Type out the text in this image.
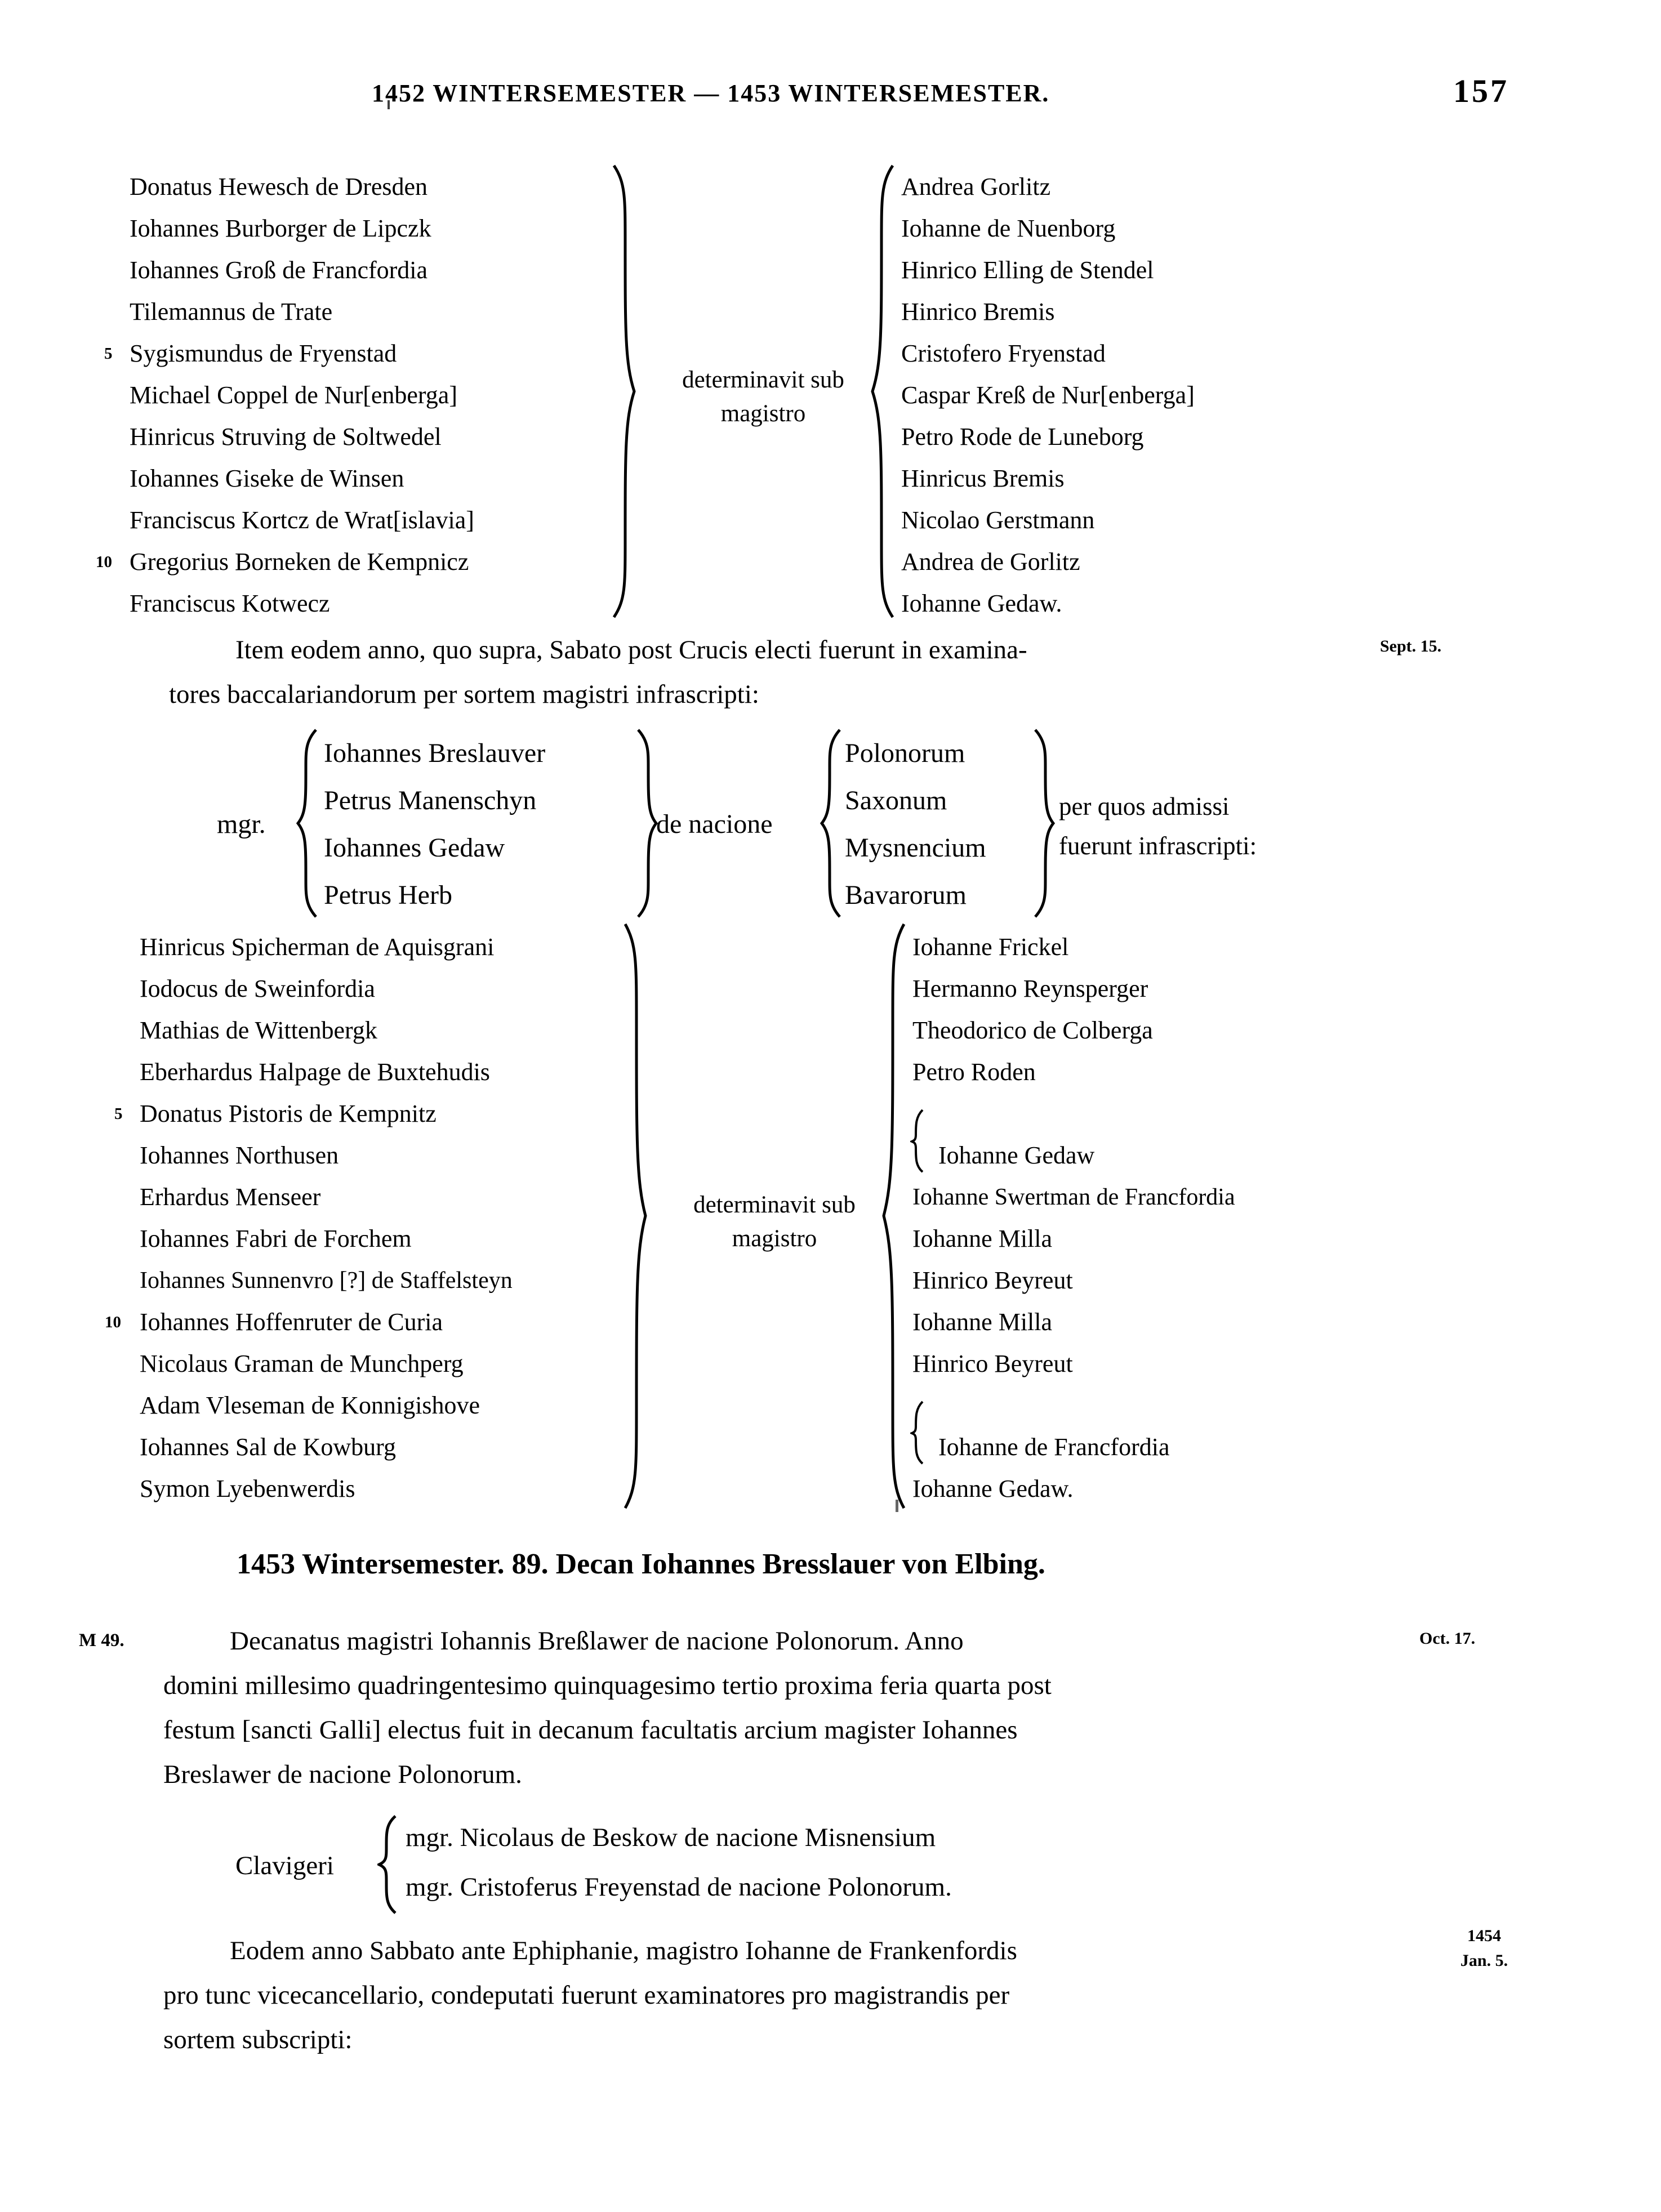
1452 WINTERSEMESTER — 1453 WINTERSEMESTER.	157
5
10
Donatus Hewesch de Dresden
Iohannes Burborger de Lipczk
Iohannes Groß de Francfordia
Tilemannus de Trate
Sygismundus de Fryenstad
Michael Coppel de Nur[enberga]
Hinricus Struving de Soltwedel
Iohannes Giseke de Winsen
Franciscus Kortcz de Wrat[islavia]
Gregorius Borneken de Kempnicz
Franciscus Kotwecz
determinavit sub
magistro
Andrea Gorlitz
Iohanne de Nuenborg
Hinrico Elling de Stendel
Hinrico Bremis
Cristofero Fryenstad
Caspar Kreß de Nur[enberga]
Petro Rode de Luneborg
Hinricus Bremis
Nicolao Gerstmann
Andrea de Gorlitz
Iohanne Gedaw.

Item eodem anno, quo supra, Sabato post Crucis electi fuerunt in examina-

tores baccalariandorum per sortem magistri infrascripti:

Sept. 15.
mgr.
Iohannes Breslauver
Petrus Manenschyn
Iohannes Gedaw
Petrus Herb
de nacione
Polonorum
Saxonum
Mysnencium
Bavarorum
per quos admissi
fuerunt infrascripti:
5
10
Hinricus Spicherman de Aquisgrani
Iodocus de Sweinfordia
Mathias de Wittenbergk
Eberhardus Halpage de Buxtehudis
Donatus Pistoris de Kempnitz
Iohannes Northusen
Erhardus Menseer
Iohannes Fabri de Forchem
Iohannes Sunnenvro [?] de Staffelsteyn
Iohannes Hoffenruter de Curia
Nicolaus Graman de Munchperg
Adam Vleseman de Konnigishove
Iohannes Sal de Kowburg
Symon Lyebenwerdis
determinavit sub
magistro
Iohanne Frickel
Hermanno Reynsperger
Theodorico de Colberga
Petro Roden

Iohanne Gedaw
Iohanne Swertman de Francfordia
Iohanne Milla
Hinrico Beyreut
Iohanne Milla
Hinrico Beyreut

Iohanne de Francfordia
Iohanne Gedaw.
1453 Wintersemester. 89. Decan Iohannes Bresslauer von Elbing.
M 49.	Oct. 17.

Decanatus magistri Iohannis Breßlawer de nacione Polonorum. Anno

domini millesimo quadringentesimo quinquagesimo tertio proxima feria quarta post

festum [sancti Galli] electus fuit in decanum facultatis arcium magister Iohannes

Breslawer de nacione Polonorum.

Clavigeri
mgr. Nicolaus de Beskow de nacione Misnensium
mgr. Cristoferus Freyenstad de nacione Polonorum.

Eodem anno Sabbato ante Ephiphanie, magistro Iohanne de Frankenfordis

pro tunc vicecancellario, condeputati fuerunt examinatores pro magistrandis per

sortem subscripti:

1454
Jan. 5.
